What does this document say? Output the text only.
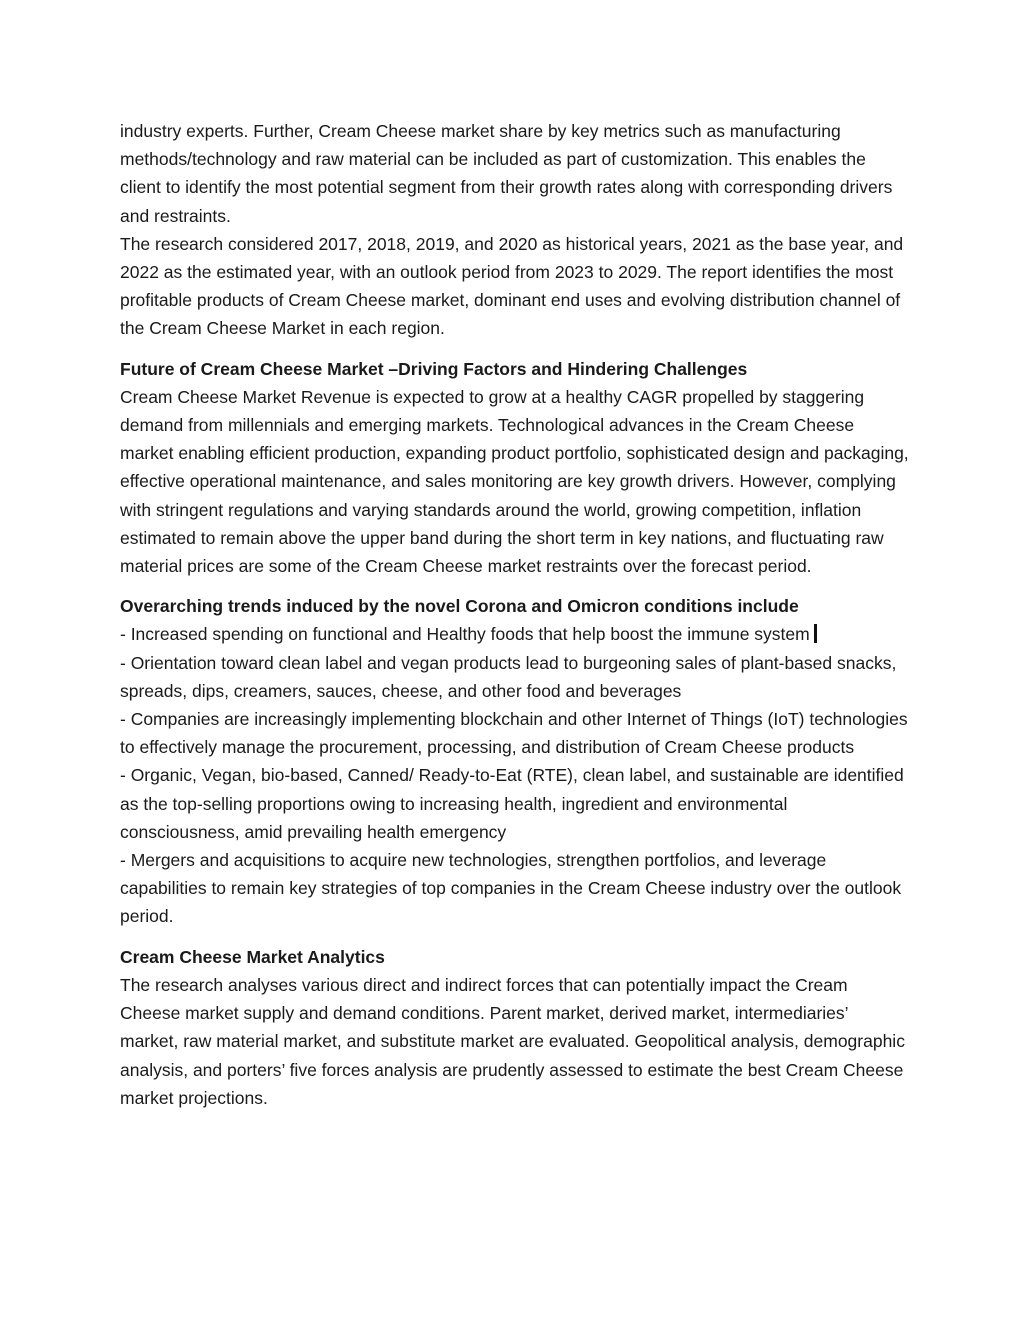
industry experts. Further, Cream Cheese market share by key metrics such as manufacturing methods/technology and raw material can be included as part of customization. This enables the client to identify the most potential segment from their growth rates along with corresponding drivers and restraints.

The research considered 2017, 2018, 2019, and 2020 as historical years, 2021 as the base year, and 2022 as the estimated year, with an outlook period from 2023 to 2029. The report identifies the most profitable products of Cream Cheese market, dominant end uses and evolving distribution channel of the Cream Cheese Market in each region.

Future of Cream Cheese Market –Driving Factors and Hindering Challenges

Cream Cheese Market Revenue is expected to grow at a healthy CAGR propelled by staggering demand from millennials and emerging markets. Technological advances in the Cream Cheese market enabling efficient production, expanding product portfolio, sophisticated design and packaging, effective operational maintenance, and sales monitoring are key growth drivers. However, complying with stringent regulations and varying standards around the world, growing competition, inflation estimated to remain above the upper band during the short term in key nations, and fluctuating raw material prices are some of the Cream Cheese market restraints over the forecast period.

Overarching trends induced by the novel Corona and Omicron conditions include

- Increased spending on functional and Healthy foods that help boost the immune system

- Orientation toward clean label and vegan products lead to burgeoning sales of plant-based snacks, spreads, dips, creamers, sauces, cheese, and other food and beverages

- Companies are increasingly implementing blockchain and other Internet of Things (IoT) technologies to effectively manage the procurement, processing, and distribution of Cream Cheese products

- Organic, Vegan, bio-based, Canned/ Ready-to-Eat (RTE), clean label, and sustainable are identified as the top-selling proportions owing to increasing health, ingredient and environmental consciousness, amid prevailing health emergency

- Mergers and acquisitions to acquire new technologies, strengthen portfolios, and leverage capabilities to remain key strategies of top companies in the Cream Cheese industry over the outlook period.

Cream Cheese Market Analytics

The research analyses various direct and indirect forces that can potentially impact the Cream Cheese market supply and demand conditions. Parent market, derived market, intermediaries’ market, raw material market, and substitute market are evaluated. Geopolitical analysis, demographic analysis, and porters’ five forces analysis are prudently assessed to estimate the best Cream Cheese market projections.
